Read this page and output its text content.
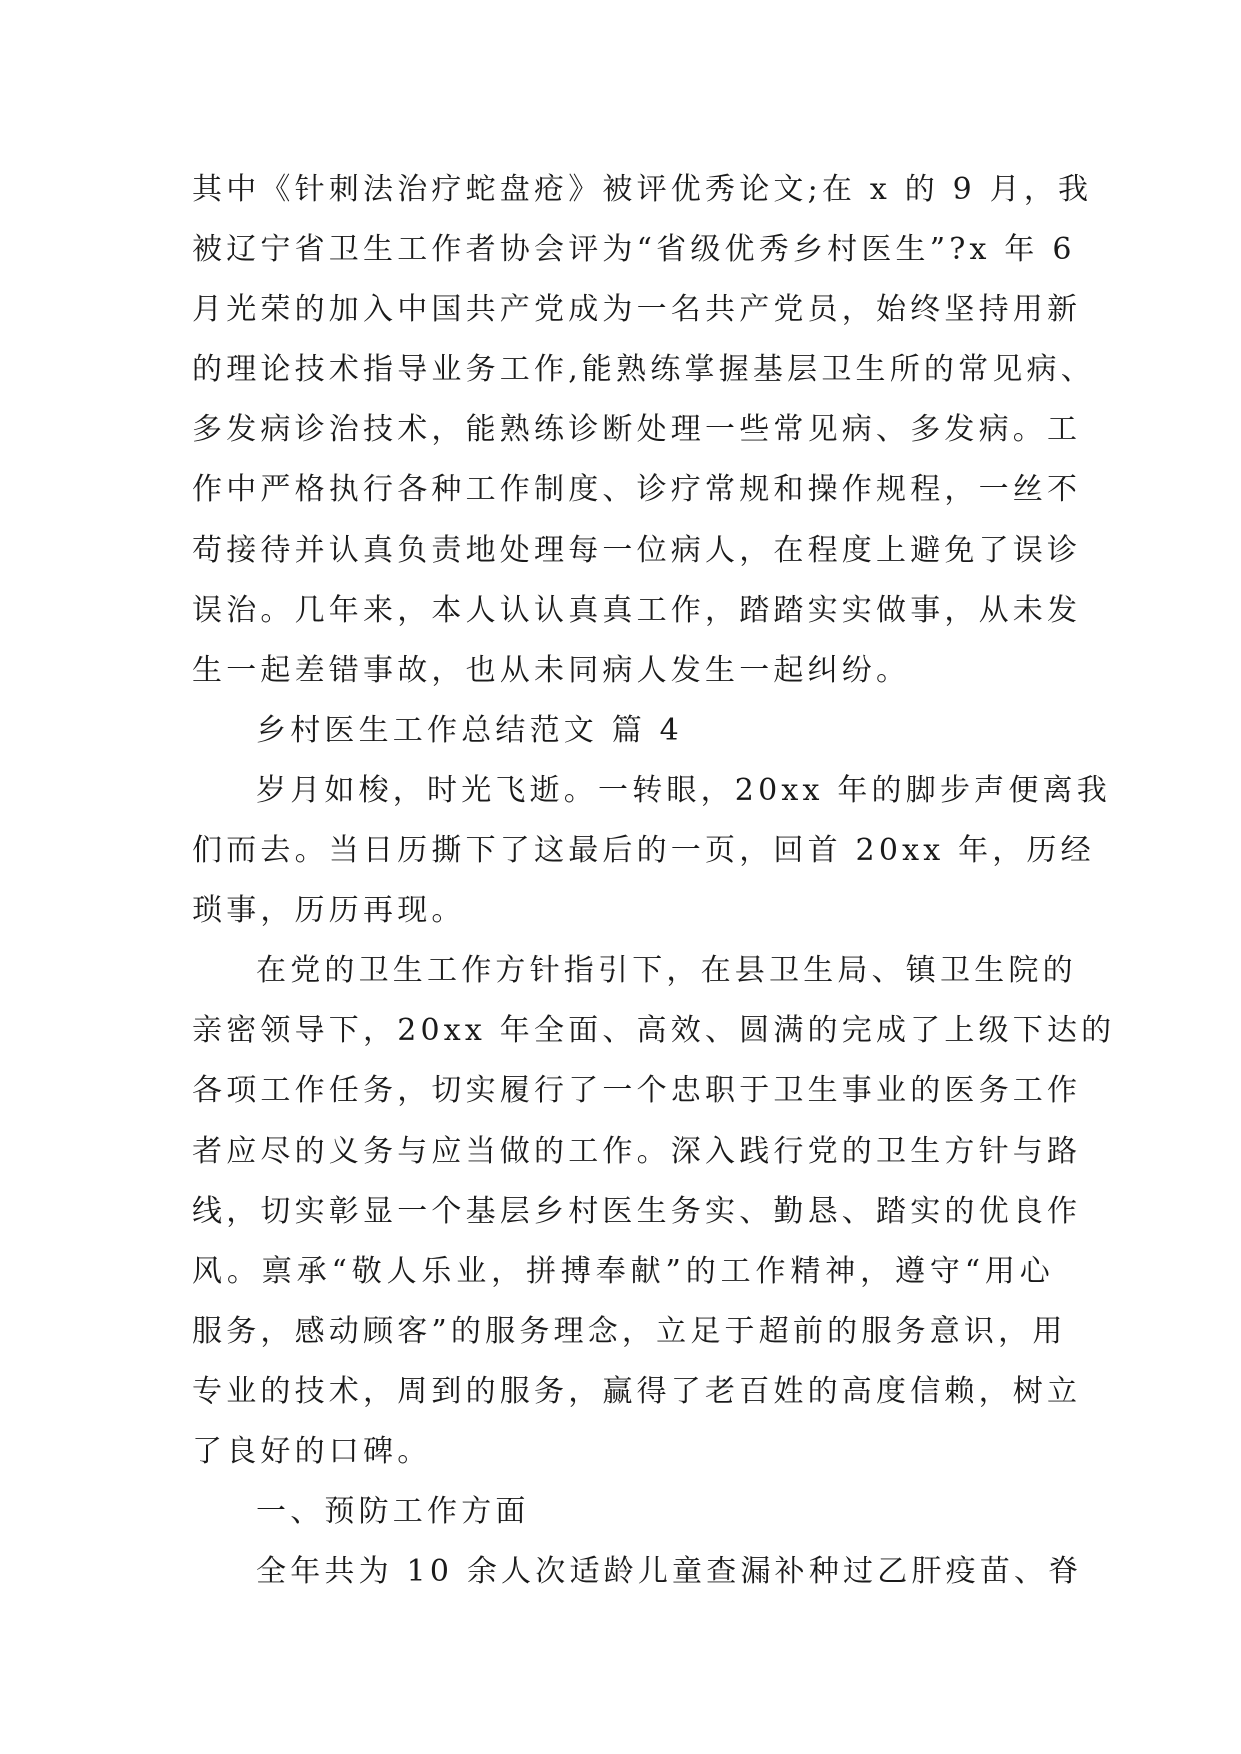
其中《针刺法治疗蛇盘疮》被评优秀论文;在 x 的 9 月，我
被辽宁省卫生工作者协会评为“省级优秀乡村医生”?x 年 6
月光荣的加入中国共产党成为一名共产党员，始终坚持用新
的理论技术指导业务工作,能熟练掌握基层卫生所的常见病、
多发病诊治技术，能熟练诊断处理一些常见病、多发病。工
作中严格执行各种工作制度、诊疗常规和操作规程，一丝不
苟接待并认真负责地处理每一位病人，在程度上避免了误诊
误治。几年来，本人认认真真工作，踏踏实实做事，从未发
生一起差错事故，也从未同病人发生一起纠纷。
乡村医生工作总结范文 篇 4
岁月如梭，时光飞逝。一转眼，20xx 年的脚步声便离我
们而去。当日历撕下了这最后的一页，回首 20xx 年，历经
琐事，历历再现。
在党的卫生工作方针指引下，在县卫生局、镇卫生院的
亲密领导下，20xx 年全面、高效、圆满的完成了上级下达的
各项工作任务，切实履行了一个忠职于卫生事业的医务工作
者应尽的义务与应当做的工作。深入践行党的卫生方针与路
线，切实彰显一个基层乡村医生务实、勤恳、踏实的优良作
风。禀承“敬人乐业，拼搏奉献”的工作精神，遵守“用心
服务，感动顾客”的服务理念，立足于超前的服务意识，用
专业的技术，周到的服务，赢得了老百姓的高度信赖，树立
了良好的口碑。
一、预防工作方面
全年共为 10 余人次适龄儿童查漏补种过乙肝疫苗、脊
